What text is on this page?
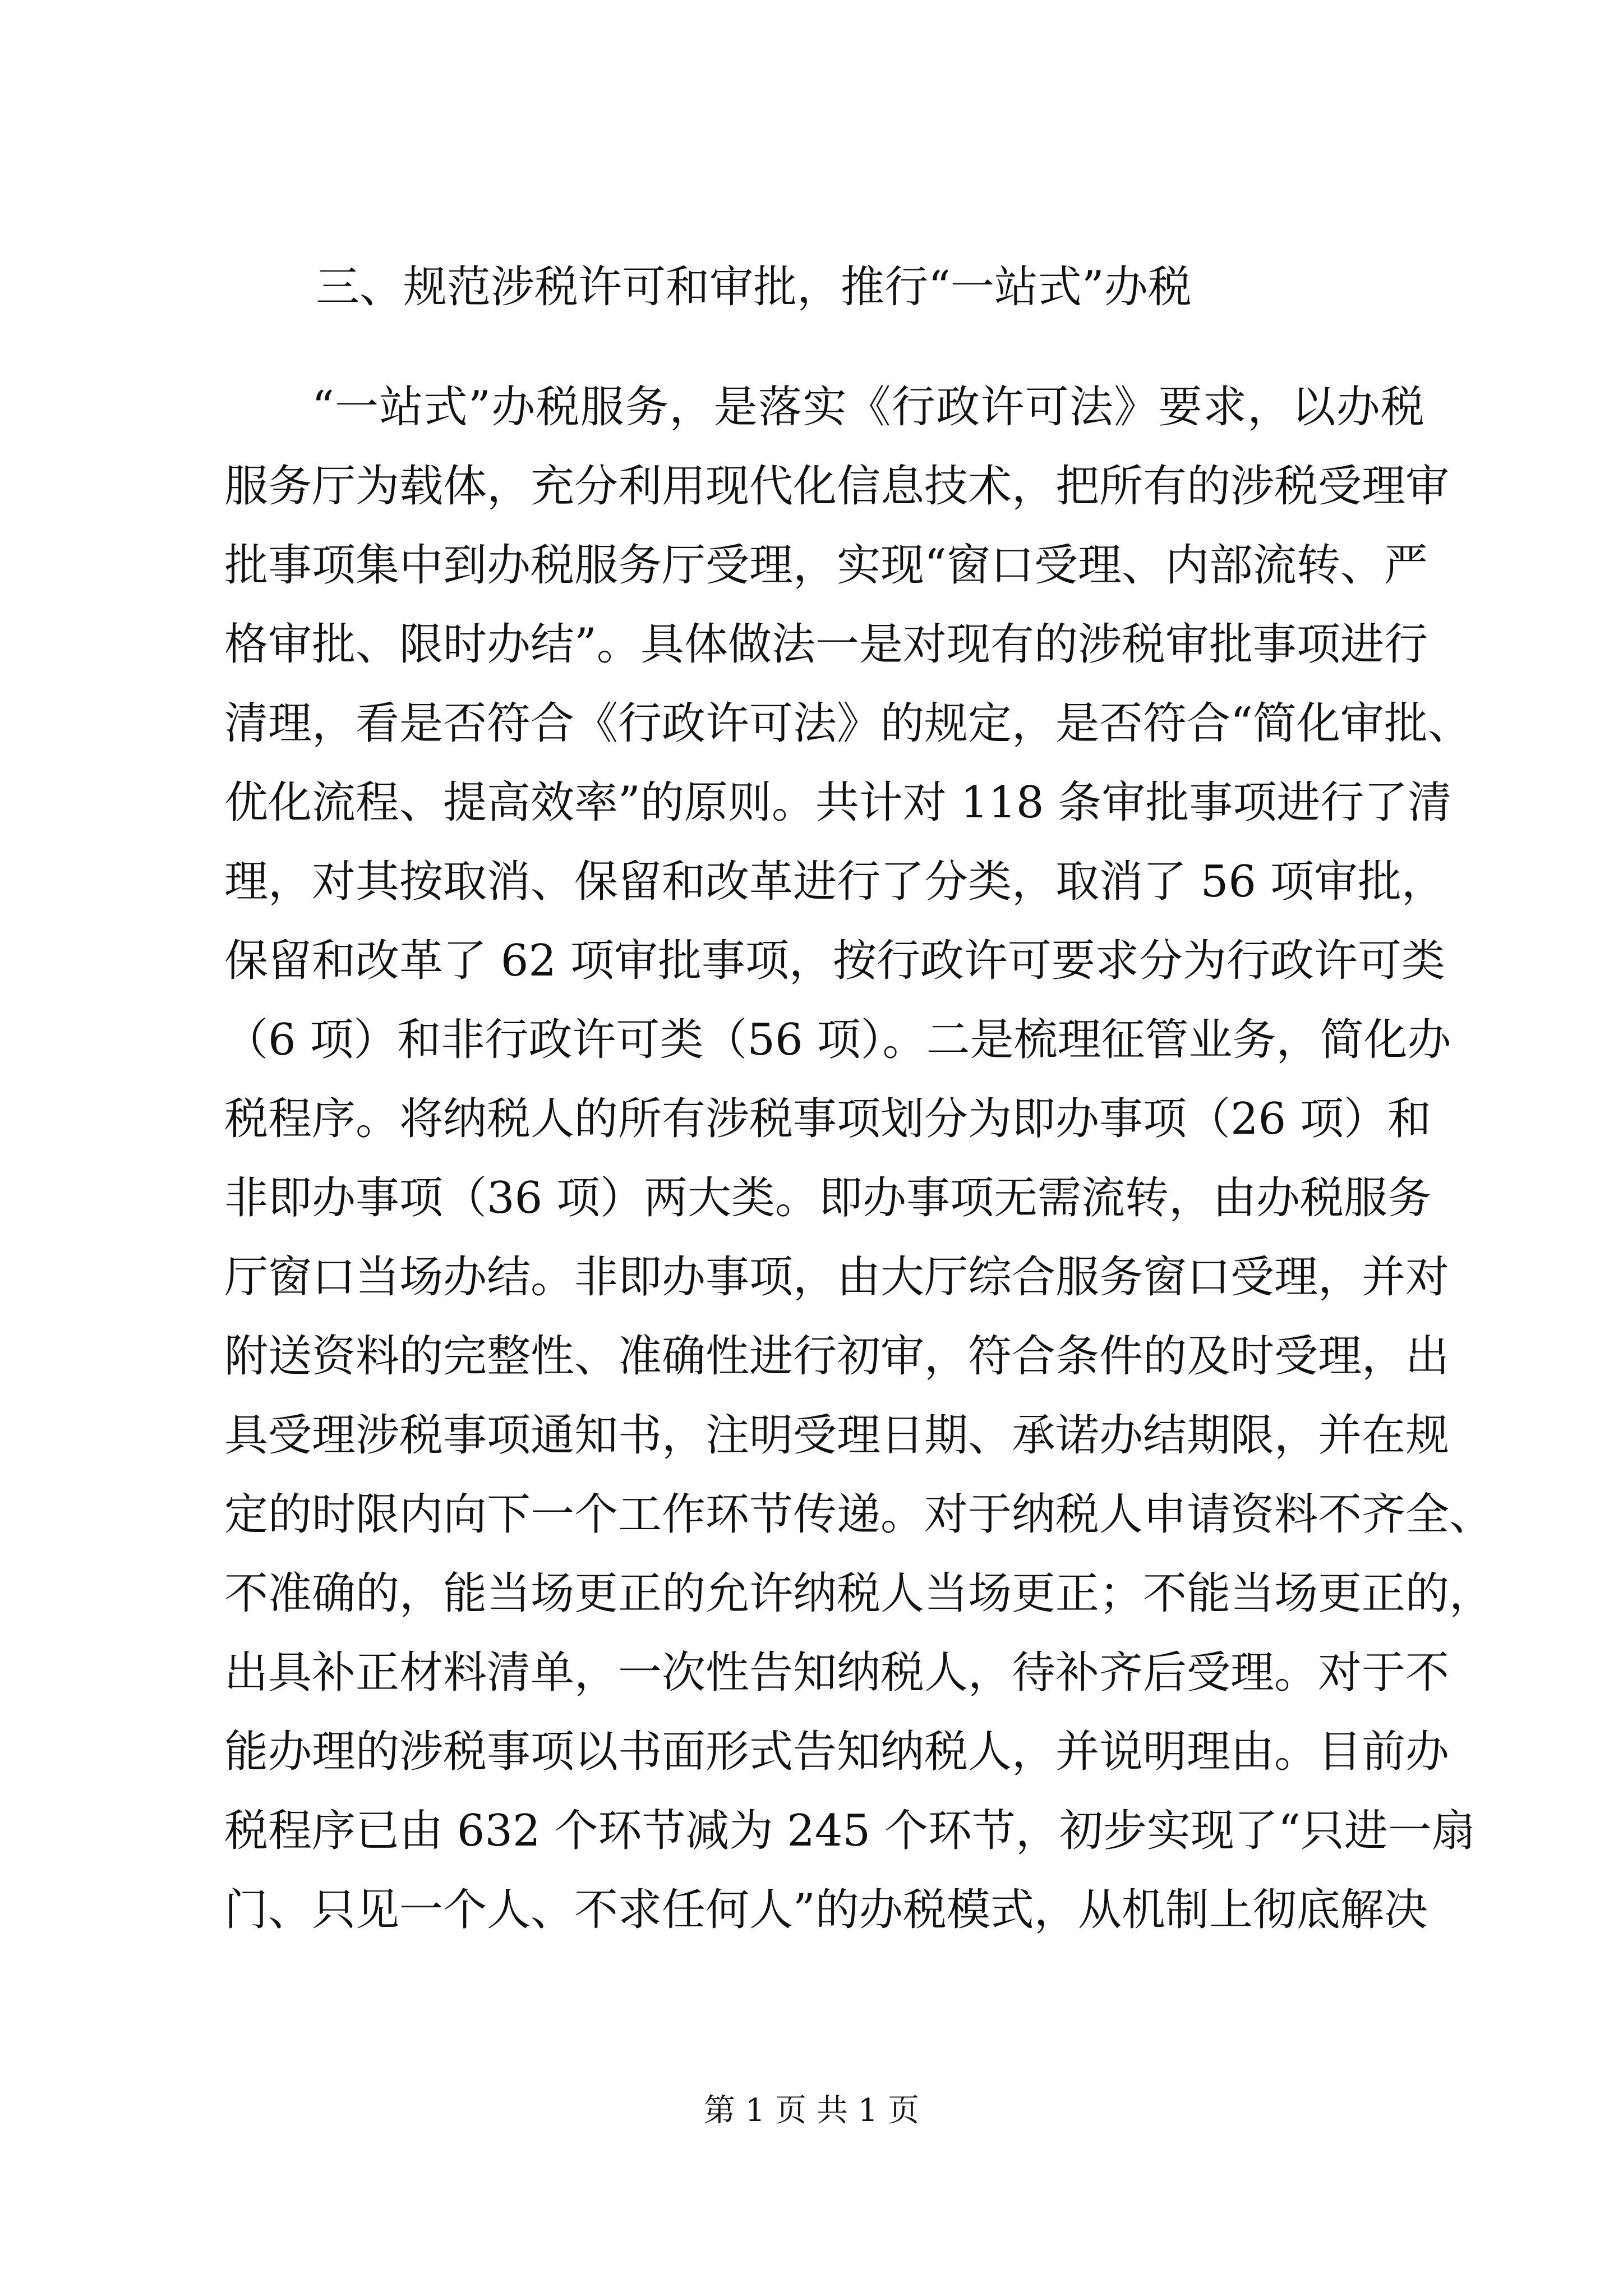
三、规范涉税许可和审批，推行“一站式”办税
“一站式”办税服务，是落实《行政许可法》要求，以办税
服务厅为载体，充分利用现代化信息技术，把所有的涉税受理审
批事项集中到办税服务厅受理，实现“窗口受理、内部流转、严
格审批、限时办结”。具体做法一是对现有的涉税审批事项进行
清理，看是否符合《行政许可法》的规定，是否符合“简化审批、
优化流程、提高效率”的原则。共计对 118 条审批事项进行了清
理，对其按取消、保留和改革进行了分类，取消了 56 项审批，
保留和改革了 62 项审批事项，按行政许可要求分为行政许可类
（6 项）和非行政许可类（56 项）。二是梳理征管业务，简化办
税程序。将纳税人的所有涉税事项划分为即办事项（26 项）和
非即办事项（36 项）两大类。即办事项无需流转，由办税服务
厅窗口当场办结。非即办事项，由大厅综合服务窗口受理，并对
附送资料的完整性、准确性进行初审，符合条件的及时受理，出
具受理涉税事项通知书，注明受理日期、承诺办结期限，并在规
定的时限内向下一个工作环节传递。对于纳税人申请资料不齐全、
不准确的，能当场更正的允许纳税人当场更正；不能当场更正的，
出具补正材料清单，一次性告知纳税人，待补齐后受理。对于不
能办理的涉税事项以书面形式告知纳税人，并说明理由。目前办
税程序已由 632 个环节减为 245 个环节，初步实现了“只进一扇
门、只见一个人、不求任何人”的办税模式，从机制上彻底解决
第 1 页 共 1 页
